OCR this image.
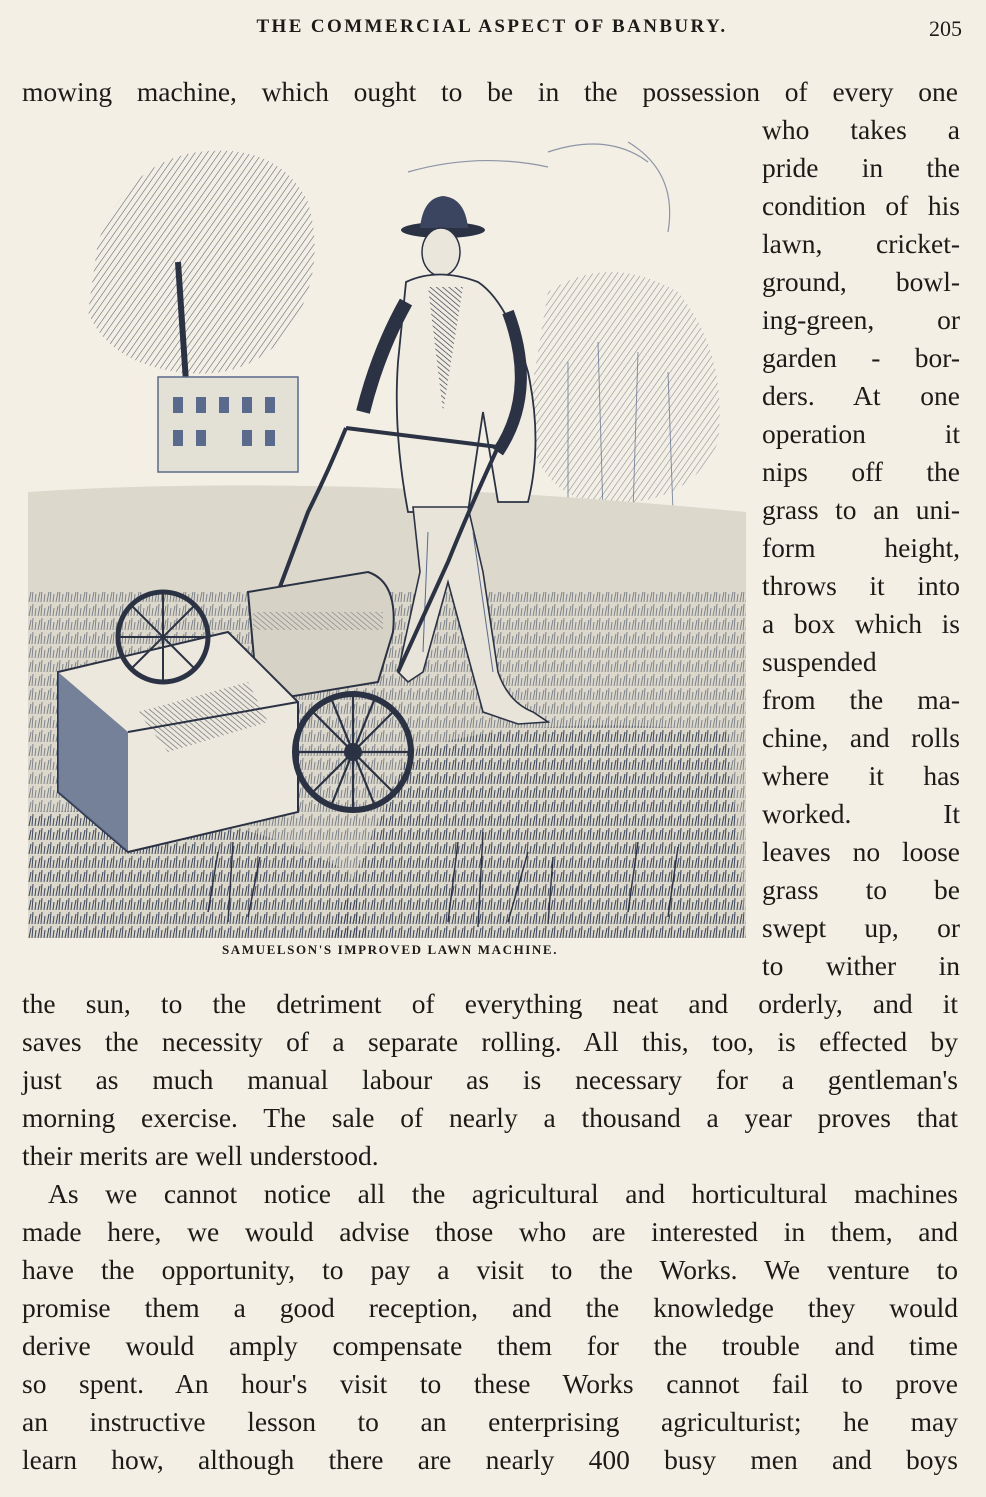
THE COMMERCIAL ASPECT OF BANBURY.	205
mowing machine, which ought to be in the possession of every one
SAMUELSON'S IMPROVED LAWN MACHINE.
who takes a
pride in the
condition of his
lawn, cricket-
ground, bowl-
ing-green, or
garden - bor-
ders. At one
operation it
nips off the
grass to an uni-
form height,
throws it into
a box which is
suspended
from the ma-
chine, and rolls
where it has
worked. It
leaves no loose
grass to be
swept up, or
to wither in
the sun, to the detriment of everything neat and orderly, and it
saves the necessity of a separate rolling. All this, too, is effected by
just as much manual labour as is necessary for a gentleman's
morning exercise. The sale of nearly a thousand a year proves that
their merits are well understood.
As we cannot notice all the agricultural and horticultural machines
made here, we would advise those who are interested in them, and
have the opportunity, to pay a visit to the Works. We venture to
promise them a good reception, and the knowledge they would
derive would amply compensate them for the trouble and time
so spent. An hour's visit to these Works cannot fail to prove
an instructive lesson to an enterprising agriculturist; he may
learn how, although there are nearly 400 busy men and boys
